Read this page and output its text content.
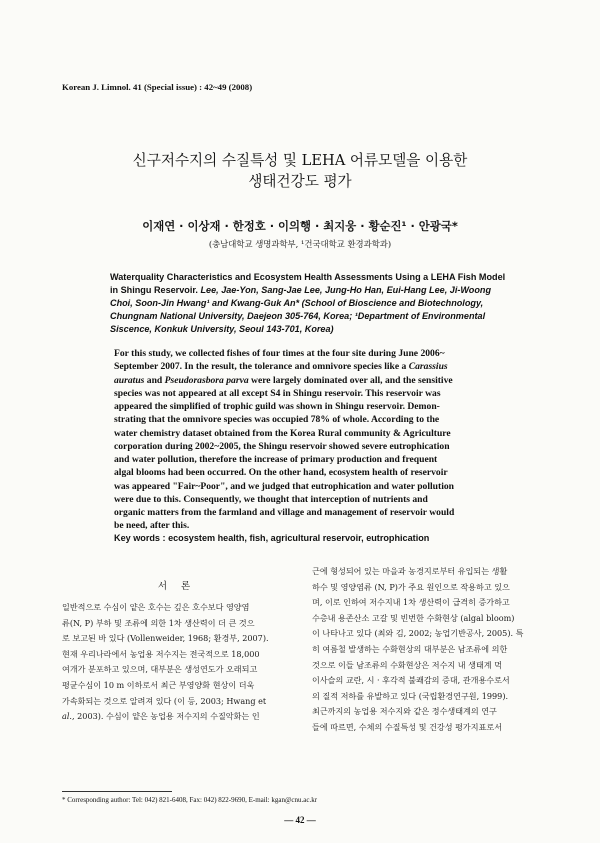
Korean J. Limnol. 41 (Special issue) : 42~49 (2008)
신구저수지의 수질특성 및 LEHA 어류모델을 이용한
생태건강도 평가
이재연 · 이상재 · 한정호 · 이의행 · 최지웅 · 황순진¹ · 안광국*
(충남대학교 생명과학부, ¹건국대학교 환경과학과)
Waterquality Characteristics and Ecosystem Health Assessments Using a LEHA Fish Model
in Shingu Reservoir. Lee, Jae-Yon, Sang-Jae Lee, Jung-Ho Han, Eui-Hang Lee, Ji-Woong
Choi, Soon-Jin Hwang¹ and Kwang-Guk An* (School of Bioscience and Biotechnology,
Chungnam National University, Daejeon 305-764, Korea; ¹Department of Environmental
Siscence, Konkuk University, Seoul 143-701, Korea)
For this study, we collected fishes of four times at the four site during June 2006~
September 2007. In the result, the tolerance and omnivore species like a Carassius
auratus and Pseudorasbora parva were largely dominated over all, and the sensitive
species was not appeared at all except S4 in Shingu reservoir. This reservoir was
appeared the simplified of trophic guild was shown in Shingu reservoir. Demon-
strating that the omnivore species was occupied 78% of whole. According to the
water chemistry dataset obtained from the Korea Rural community & Agriculture
corporation during 2002~2005, the Shingu reservoir showed severe eutrophication
and water pollution, therefore the increase of primary production and frequent
algal blooms had been occurred. On the other hand, ecosystem health of reservoir
was appeared "Fair~Poor", and we judged that eutrophication and water pollution
were due to this. Consequently, we thought that interception of nutrients and
organic matters from the farmland and village and management of reservoir would
be need, after this.
Key words : ecosystem health, fish, agricultural reservoir, eutrophication
서론
일반적으로 수심이 얕은 호수는 깊은 호수보다 영양염
류(N, P) 부하 및 조류에 의한 1차 생산력이 더 큰 것으
로 보고된 바 있다 (Vollenweider, 1968; 환경부, 2007).
현재 우리나라에서 농업용 저수지는 전국적으로 18,000
여개가 분포하고 있으며, 대부분은 생성연도가 오래되고
평균수심이 10 m 이하로서 최근 부영양화 현상이 더욱
가속화되는 것으로 알려져 있다 (이 등, 2003; Hwang et
al., 2003). 수심이 얕은 농업용 저수지의 수질악화는 인
근에 형성되어 있는 마을과 농경지로부터 유입되는 생활
하수 및 영양염류 (N, P)가 주요 원인으로 작용하고 있으
며, 이로 인하여 저수지내 1차 생산력이 급격히 증가하고
수층내 용존산소 고갈 및 빈번한 수화현상 (algal bloom)
이 나타나고 있다 (최와 김, 2002; 농업기반공사, 2005). 특
히 여름철 발생하는 수화현상의 대부분은 남조류에 의한
것으로 이들 남조류의 수화현상은 저수지 내 생태계 먹
이사슬의 교란, 시 · 후각적 불쾌감의 증대, 관개용수로서
의 질적 저하를 유발하고 있다 (국립환경연구원, 1999).
최근까지의 농업용 저수지와 같은 정수생태계의 연구
들에 따르면, 수체의 수질특성 및 건강성 평가지표로서
* Corresponding author: Tel: 042) 821-6408, Fax: 042) 822-9690, E-mail: kgan@cnu.ac.kr
— 42 —
